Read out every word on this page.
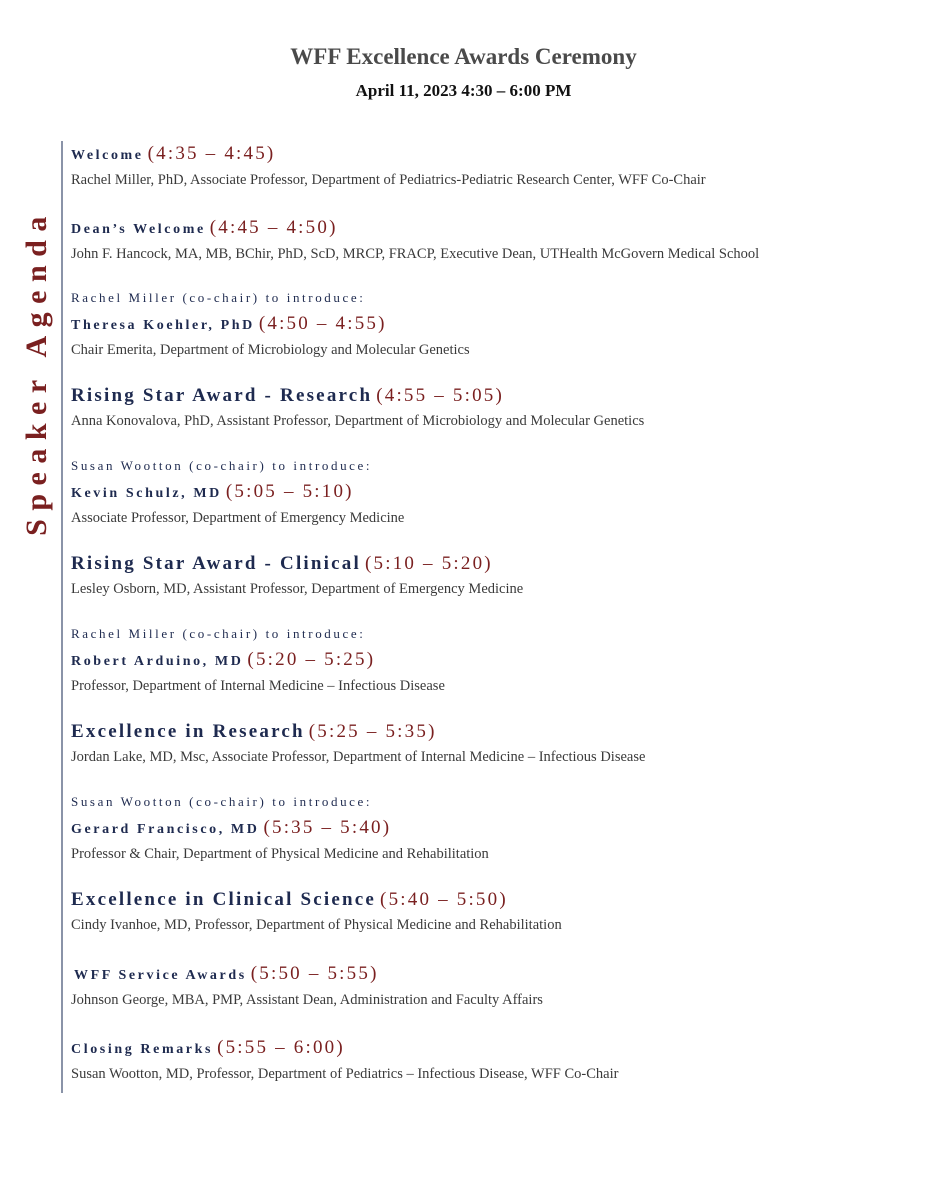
WFF Excellence Awards Ceremony
April 11, 2023 4:30 – 6:00 PM
Speaker Agenda
Welcome (4:35 – 4:45)
Rachel Miller, PhD, Associate Professor, Department of Pediatrics-Pediatric Research Center, WFF Co-Chair
Dean’s Welcome (4:45 – 4:50)
John F. Hancock, MA, MB, BChir, PhD, ScD, MRCP, FRACP, Executive Dean, UTHealth McGovern Medical School
Rachel Miller (co-chair) to introduce:
Theresa Koehler, PhD (4:50 – 4:55)
Chair Emerita, Department of Microbiology and Molecular Genetics
Rising Star Award - Research (4:55 – 5:05)
Anna Konovalova, PhD, Assistant Professor, Department of Microbiology and Molecular Genetics
Susan Wootton (co-chair) to introduce:
Kevin Schulz, MD (5:05 – 5:10)
Associate Professor, Department of Emergency Medicine
Rising Star Award - Clinical (5:10 – 5:20)
Lesley Osborn, MD, Assistant Professor, Department of Emergency Medicine
Rachel Miller (co-chair) to introduce:
Robert Arduino, MD (5:20 – 5:25)
Professor, Department of Internal Medicine – Infectious Disease
Excellence in Research (5:25 – 5:35)
Jordan Lake, MD, Msc, Associate Professor, Department of Internal Medicine – Infectious Disease
Susan Wootton (co-chair) to introduce:
Gerard Francisco, MD (5:35 – 5:40)
Professor & Chair, Department of Physical Medicine and Rehabilitation
Excellence in Clinical Science (5:40 – 5:50)
Cindy Ivanhoe, MD, Professor, Department of Physical Medicine and Rehabilitation
WFF Service Awards (5:50 – 5:55)
Johnson George, MBA, PMP, Assistant Dean, Administration and Faculty Affairs
Closing Remarks (5:55 – 6:00)
Susan Wootton, MD, Professor, Department of Pediatrics – Infectious Disease, WFF Co-Chair
